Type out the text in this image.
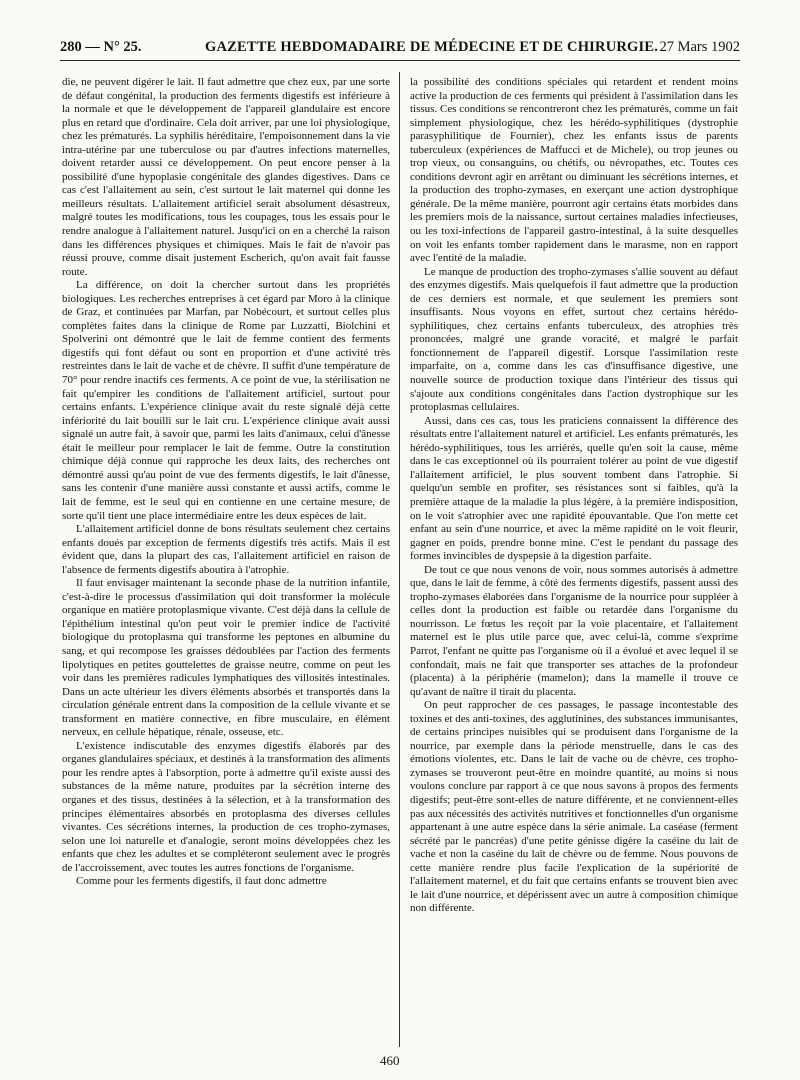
280 — N° 25.	GAZETTE HEBDOMADAIRE DE MÉDECINE ET DE CHIRURGIE. 27 Mars 1902

die, ne peuvent digérer le lait. Il faut admettre que chez eux, par une sorte de défaut congénital, la production des ferments digestifs est inférieure à la normale et que le développement de l'appareil glandulaire est encore plus en retard que d'ordinaire. Cela doit arriver, par une loi physiologique, chez les prématurés. La syphilis héréditaire, l'empoisonnement dans la vie intra-utérine par une tuberculose ou par d'autres infections maternelles, doivent retarder aussi ce développement. On peut encore penser à la possibilité d'une hypoplasie congénitale des glandes digestives. Dans ce cas c'est l'allaitement au sein, c'est surtout le lait maternel qui donne les meilleurs résultats. L'allaitement artificiel serait absolument désastreux, malgré toutes les modifications, tous les coupages, tous les essais pour le rendre analogue à l'allaitement naturel. Jusqu'ici on en a cherché la raison dans les différences physiques et chimiques. Mais le fait de n'avoir pas réussi prouve, comme disait justement Escherich, qu'on avait fait fausse route.

La différence, on doit la chercher surtout dans les propriétés biologiques. Les recherches entreprises à cet égard par Moro à la clinique de Graz, et continuées par Marfan, par Nobécourt, et surtout celles plus complètes faites dans la clinique de Rome par Luzzatti, Biolchini et Spolverini ont démontré que le lait de femme contient des ferments digestifs qui font défaut ou sont en proportion et d'une activité très restreintes dans le lait de vache et de chèvre. Il suffit d'une température de 70° pour rendre inactifs ces ferments. A ce point de vue, la stérilisation ne fait qu'empirer les conditions de l'allaitement artificiel, surtout pour certains enfants. L'expérience clinique avait du reste signalé déjà cette infériorité du lait bouilli sur le lait cru. L'expérience clinique avait aussi signalé un autre fait, à savoir que, parmi les laits d'animaux, celui d'ânesse était le meilleur pour remplacer le lait de femme. Outre la constitution chimique déjà connue qui rapproche les deux laits, des recherches ont démontré aussi qu'au point de vue des ferments digestifs, le lait d'ânesse, sans les contenir d'une manière aussi constante et aussi actifs, comme le lait de femme, est le seul qui en contienne en une certaine mesure, de sorte qu'il tient une place intermédiaire entre les deux espèces de lait.

L'allaitement artificiel donne de bons résultats seulement chez certains enfants doués par exception de ferments digestifs très actifs. Mais il est évident que, dans la plupart des cas, l'allaitement artificiel en raison de l'absence de ferments digestifs aboutira à l'atrophie.

Il faut envisager maintenant la seconde phase de la nutrition infantile, c'est-à-dire le processus d'assimilation qui doit transformer la molécule organique en matière protoplasmique vivante. C'est déjà dans la cellule de l'épithélium intestinal qu'on peut voir le premier indice de l'activité biologique du protoplasma qui transforme les peptones en albumine du sang, et qui recompose les graisses dédoublées par l'action des ferments lipolytiques en petites gouttelettes de graisse neutre, comme on peut les voir dans les premières radicules lymphatiques des villosités intestinales. Dans un acte ultérieur les divers éléments absorbés et transportés dans la circulation générale entrent dans la composition de la cellule vivante et se transforment en matière connective, en fibre musculaire, en élément nerveux, en cellule hépatique, rénale, osseuse, etc.

L'existence indiscutable des enzymes digestifs élaborés par des organes glandulaires spéciaux, et destinés à la transformation des aliments pour les rendre aptes à l'absorption, porte à admettre qu'il existe aussi des substances de la même nature, produites par la sécrétion interne des organes et des tissus, destinées à la sélection, et à la transformation des principes élémentaires absorbés en protoplasma des diverses cellules vivantes. Ces sécrétions internes, la production de ces tropho-zymases, selon une loi naturelle et d'analogie, seront moins développées chez les enfants que chez les adultes et se compléteront seulement avec le progrès de l'accroissement, avec toutes les autres fonctions de l'organisme.

Comme pour les ferments digestifs, il faut donc admettre

la possibilité des conditions spéciales qui retardent et rendent moins active la production de ces ferments qui président à l'assimilation dans les tissus. Ces conditions se rencontreront chez les prématurés, comme un fait simplement physiologique, chez les hérédo-syphilitiques (dystrophie parasyphilitique de Fournier), chez les enfants issus de parents tuberculeux (expériences de Maffucci et de Michele), ou trop jeunes ou trop vieux, ou consanguins, ou chétifs, ou névropathes, etc. Toutes ces conditions devront agir en arrêtant ou diminuant les sécrétions internes, et la production des tropho-zymases, en exerçant une action dystrophique générale. De la même manière, pourront agir certains états morbides dans les premiers mois de la naissance, surtout certaines maladies infectieuses, ou les toxi-infections de l'appareil gastro-intestinal, à la suite desquelles on voit les enfants tomber rapidement dans le marasme, non en rapport avec l'entité de la maladie.

Le manque de production des tropho-zymases s'allie souvent au défaut des enzymes digestifs. Mais quelquefois il faut admettre que la production de ces derniers est normale, et que seulement les premiers sont insuffisants. Nous voyons en effet, surtout chez certains hérédo-syphilitiques, chez certains enfants tuberculeux, des atrophies très prononcées, malgré une grande voracité, et malgré le parfait fonctionnement de l'appareil digestif. Lorsque l'assimilation reste imparfaite, on a, comme dans les cas d'insuffisance digestive, une nouvelle source de production toxique dans l'intérieur des tissus qui s'ajoute aux conditions congénitales dans l'action dystrophique sur les protoplasmas cellulaires.

Aussi, dans ces cas, tous les praticiens connaissent la différence des résultats entre l'allaitement naturel et artificiel. Les enfants prématurés, les hérédo-syphilitiques, tous les arriérés, quelle qu'en soit la cause, même dans le cas exceptionnel où ils pourraient tolérer au point de vue digestif l'allaitement artificiel, le plus souvent tombent dans l'atrophie. Si quelqu'un semble en profiter, ses résistances sont si faibles, qu'à la première attaque de la maladie la plus légère, à la première indisposition, on le voit s'atrophier avec une rapidité épouvantable. Que l'on mette cet enfant au sein d'une nourrice, et avec la même rapidité on le voit fleurir, gagner en poids, prendre bonne mine. C'est le pendant du passage des formes invincibles de dyspepsie à la digestion parfaite.

De tout ce que nous venons de voir, nous sommes autorisés à admettre que, dans le lait de femme, à côté des ferments digestifs, passent aussi des tropho-zymases élaborées dans l'organisme de la nourrice pour suppléer à celles dont la production est faible ou retardée dans l'organisme du nourrisson. Le fœtus les reçoit par la voie placentaire, et l'allaitement maternel est le plus utile parce que, avec celui-là, comme s'exprime Parrot, l'enfant ne quitte pas l'organisme où il a évolué et avec lequel il se confondait, mais ne fait que transporter ses attaches de la profondeur (placenta) à la périphérie (mamelon); dans la mamelle il trouve ce qu'avant de naître il tirait du placenta.

On peut rapprocher de ces passages, le passage incontestable des toxines et des anti-toxines, des agglutinines, des substances immunisantes, de certains principes nuisibles qui se produisent dans l'organisme de la nourrice, par exemple dans la période menstruelle, dans le cas des émotions violentes, etc. Dans le lait de vache ou de chèvre, ces tropho-zymases se trouveront peut-être en moindre quantité, au moins si nous voulons conclure par rapport à ce que nous savons à propos des ferments digestifs; peut-être sont-elles de nature différente, et ne conviennent-elles pas aux nécessités des activités nutritives et fonctionnelles d'un organisme appartenant à une autre espèce dans la série animale. La caséase (ferment sécrété par le pancréas) d'une petite génisse digère la caséine du lait de vache et non la caséine du lait de chèvre ou de femme. Nous pouvons de cette manière rendre plus facile l'explication de la supériorité de l'allaitement maternel, et du fait que certains enfants se trouvent bien avec le lait d'une nourrice, et dépérissent avec un autre à composition chimique non différente.

460
